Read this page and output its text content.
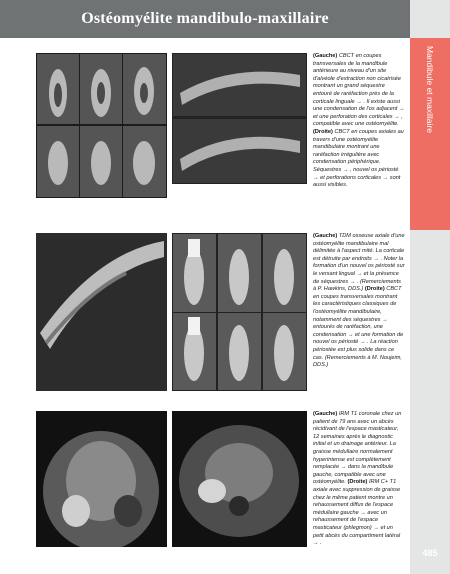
Ostéomyélite mandibulo-maxillaire
Mandibule et maxillaire
485
(Gauche) CBCT en coupes transversales de la mandibule antérieure au niveau d'un site d'alvéole d'extraction non cicatrisée montrant un grand séquestre entouré de raréfaction près de la corticale linguale → . Il existe aussi une condensation de l'os adjacent → et une perforation des corticales → , compatible avec une ostéomyélite. (Droite) CBCT en coupes axiales au travers d'une ostéomyélite mandibulaire montrant une raréfaction irrégulière avec condensation périphérique. Séquestres → , nouvel os périosté → et perforations corticales → sont aussi visibles.
(Gauche) TDM osseuse axiale d'une ostéomyélite mandibulaire mal délimitée à l'aspect mité. La corticale est détruite par endroits → . Noter la formation d'un nouvel os périosté sur le versant lingual → et la présence de séquestres → . (Remerciements à P. Hawkins, DDS.) (Droite) CBCT en coupes transversales montrant les caractéristiques classiques de l'ostéomyélite mandibulaire, notamment des séquestres → entourés de raréfaction, une condensation → et une formation de nouvel os périosté → . La réaction périostée est plus solide dans ce cas. (Remerciements à M. Noujeim, DDS.)
(Gauche) IRM T1 coronale chez un patient de 79 ans avec un abcès récidivant de l'espace masticateur, 12 semaines après le diagnostic initial et un drainage antérieur. La graisse médullaire normalement hyperintense est complètement remplacée → dans la mandibule gauche, compatible avec une ostéomyélite. (Droite) IRM C+ T1 axiale avec suppression de graisse chez le même patient montre un rehaussement diffus de l'espace médullaire gauche → avec un rehaussement de l'espace masticateur (phlegmon) → et un petit abcès du compartiment latéral → .
